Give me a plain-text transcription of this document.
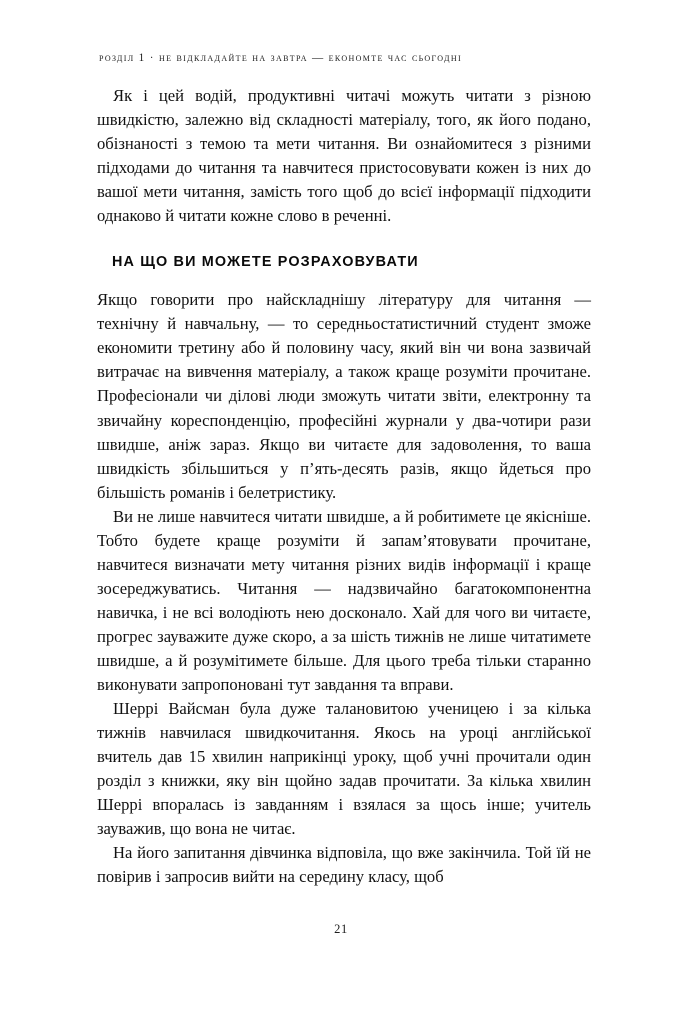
розділ 1 · не відкладайте на завтра — економте час сьогодні

Як і цей водій, продуктивні читачі можуть читати з різною швидкістю, залежно від складності матеріалу, того, як його подано, обізнаності з темою та мети читання. Ви ознайомитеся з різними підходами до читання та навчитеся пристосовувати кожен із них до вашої мети читання, замість того щоб до всієї інформації підходити однаково й читати кожне слово в реченні.

НА ЩО ВИ МОЖЕТЕ РОЗРАХОВУВАТИ

Якщо говорити про найскладнішу літературу для читання — технічну й навчальну, — то середньостатистичний студент зможе економити третину або й половину часу, який він чи вона зазвичай витрачає на вивчення матеріалу, а також краще розуміти прочитане. Професіонали чи ділові люди зможуть читати звіти, електронну та звичайну кореспонденцію, професійні журнали у два-чотири рази швидше, аніж зараз. Якщо ви читаєте для задоволення, то ваша швидкість збільшиться у п’ять-десять разів, якщо йдеться про більшість романів і белетристику.

Ви не лише навчитеся читати швидше, а й робитимете це якісніше. Тобто будете краще розуміти й запам’ятовувати прочитане, навчитеся визначати мету читання різних видів інформації і краще зосереджуватись. Читання — надзвичайно багатокомпонентна навичка, і не всі володіють нею досконало. Хай для чого ви читаєте, прогрес зауважите дуже скоро, а за шість тижнів не лише читатимете швидше, а й розумітимете більше. Для цього треба тільки старанно виконувати запропоновані тут завдання та вправи.

Шеррі Вайсман була дуже талановитою ученицею і за кілька тижнів навчилася швидкочитання. Якось на уроці англійської вчитель дав 15 хвилин наприкінці уроку, щоб учні прочитали один розділ з книжки, яку він щойно задав прочитати. За кілька хвилин Шеррі впоралась із завданням і взялася за щось інше; учитель зауважив, що вона не читає.

На його запитання дівчинка відповіла, що вже закінчила. Той їй не повірив і запросив вийти на середину класу, щоб

21
